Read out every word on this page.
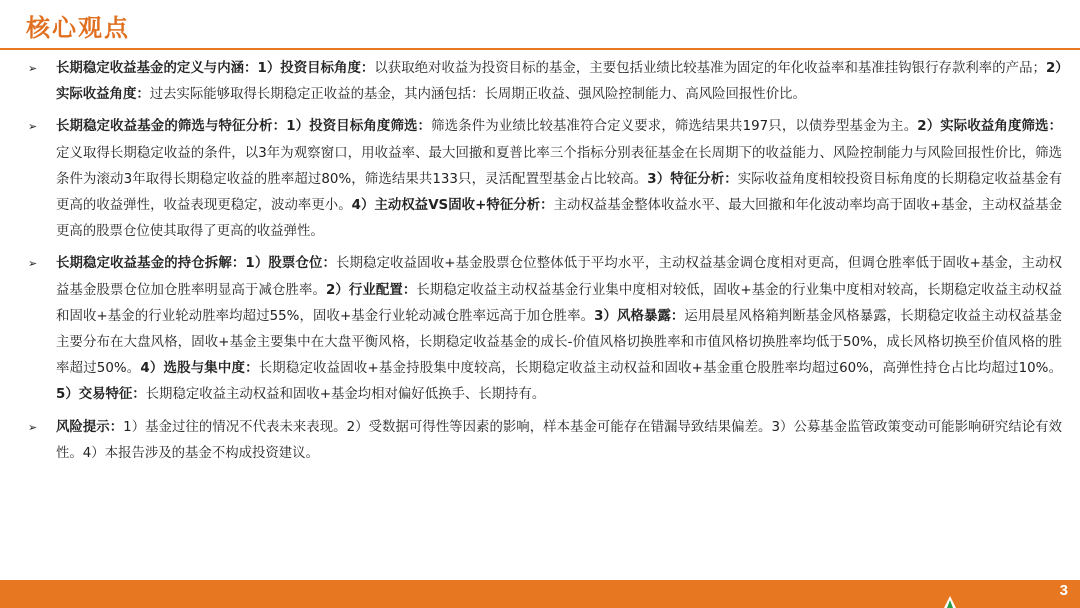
核心观点
➢ 长期稳定收益基金的定义与内涵：1）投资目标角度：以获取绝对收益为投资目标的基金，主要包括业绩比较基准为固定的年化收益率和基准挂钩银行存款利率的产品；2）实际收益角度：过去实际能够取得长期稳定正收益的基金，其内涵包括：长周期正收益、强风险控制能力、高风险回报性价比。
➢ 长期稳定收益基金的筛选与特征分析：1）投资目标角度筛选：筛选条件为业绩比较基准符合定义要求，筛选结果共197只，以债券型基金为主。2）实际收益角度筛选：定义取得长期稳定收益的条件，以3年为观察窗口，用收益率、最大回撤和夏普比率三个指标分别表征基金在长周期下的收益能力、风险控制能力与风险回报性价比，筛选条件为滚动3年取得长期稳定收益的胜率超过80%，筛选结果共133只，灵活配置型基金占比较高。3）特征分析：实际收益角度相较投资目标角度的长期稳定收益基金有更高的收益弹性，收益表现更稳定，波动率更小。4）主动权益VS固收+特征分析：主动权益基金整体收益水平、最大回撤和年化波动率均高于固收+基金，主动权益基金更高的股票仓位使其取得了更高的收益弹性。
➢ 长期稳定收益基金的持仓拆解：1）股票仓位：长期稳定收益固收+基金股票仓位整体低于平均水平，主动权益基金调仓度相对更高，但调仓胜率低于固收+基金，主动权益基金股票仓位加仓胜率明显高于减仓胜率。2）行业配置：长期稳定收益主动权益基金行业集中度相对较低，固收+基金的行业集中度相对较高，长期稳定收益主动权益和固收+基金的行业轮动胜率均超过55%，固收+基金行业轮动减仓胜率远高于加仓胜率。3）风格暴露：运用晨星风格箱判断基金风格暴露，长期稳定收益主动权益基金主要分布在大盘风格，固收+基金主要集中在大盘平衡风格，长期稳定收益基金的成长-价值风格切换胜率和市值风格切换胜率均低于50%，成长风格切换至价值风格的胜率超过50%。4）选股与集中度：长期稳定收益固收+基金持股集中度较高，长期稳定收益主动权益和固收+基金重仓股胜率均超过60%，高弹性持仓占比均超过10%。5）交易特征：长期稳定收益主动权益和固收+基金均相对偏好低换手、长期持有。
➢ 风险提示：1）基金过往的情况不代表未来表现。2）受数据可得性等因素的影响，样本基金可能存在错漏导致结果偏差。3）公募基金监管政策变动可能影响研究结论有效性。4）本报告涉及的基金不构成投资建议。
3
